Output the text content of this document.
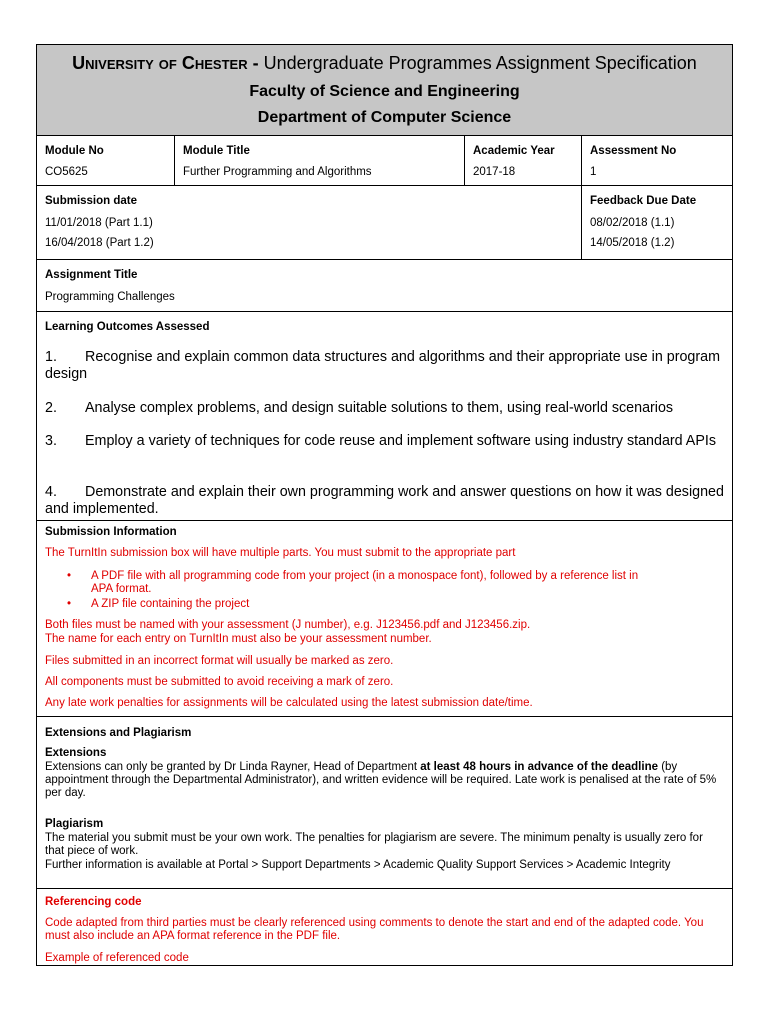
University of Chester - Undergraduate Programmes Assignment Specification
Faculty of Science and Engineering
Department of Computer Science
Module No
CO5625
Module Title
Further Programming and Algorithms
Academic Year
2017-18
Assessment No
1
Submission date
11/01/2018 (Part 1.1)
16/04/2018 (Part 1.2)
Feedback Due Date
08/02/2018 (1.1)
14/05/2018 (1.2)
Assignment Title
Programming Challenges
Learning Outcomes Assessed
1. Recognise and explain common data structures and algorithms and their appropriate use in program design
2. Analyse complex problems, and design suitable solutions to them, using real-world scenarios
3. Employ a variety of techniques for code reuse and implement software using industry standard APIs
4. Demonstrate and explain their own programming work and answer questions on how it was designed and implemented.
Submission Information
The TurnItIn submission box will have multiple parts. You must submit to the appropriate part
• A PDF file with all programming code from your project (in a monospace font), followed by a reference list in
APA format.
• A ZIP file containing the project
Both files must be named with your assessment (J number), e.g. J123456.pdf and J123456.zip.
The name for each entry on TurnItIn must also be your assessment number.
Files submitted in an incorrect format will usually be marked as zero.
All components must be submitted to avoid receiving a mark of zero.
Any late work penalties for assignments will be calculated using the latest submission date/time.
Extensions and Plagiarism
Extensions
Extensions can only be granted by Dr Linda Rayner, Head of Department at least 48 hours in advance of the deadline (by appointment through the Departmental Administrator), and written evidence will be required. Late work is penalised at the rate of 5% per day.
Plagiarism
The material you submit must be your own work. The penalties for plagiarism are severe. The minimum penalty is usually zero for that piece of work.
Further information is available at Portal > Support Departments > Academic Quality Support Services > Academic Integrity
Referencing code
Code adapted from third parties must be clearly referenced using comments to denote the start and end of the adapted code. You must also include an APA format reference in the PDF file.
Example of referenced code
